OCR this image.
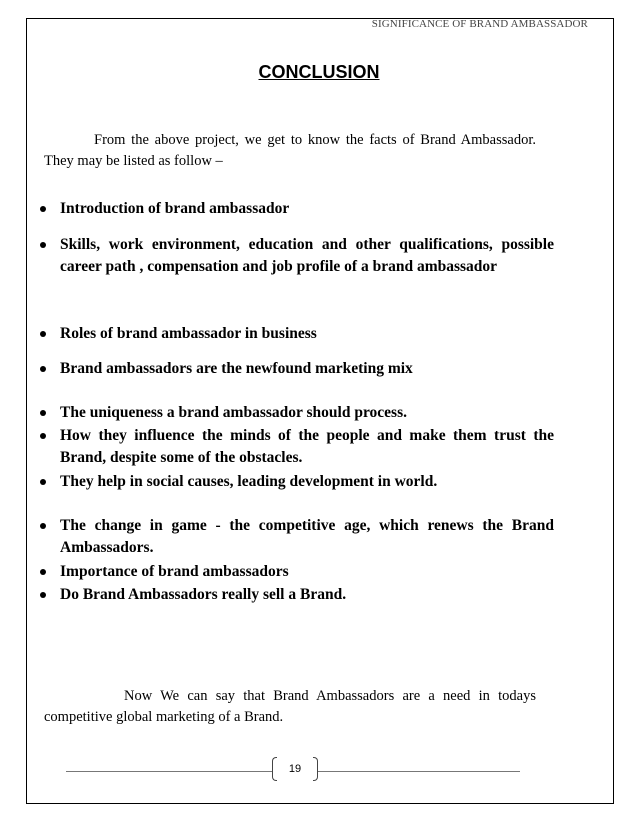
SIGNIFICANCE OF BRAND AMBASSADOR
CONCLUSION
From the above project, we get to know the facts of Brand Ambassador. They may be listed as follow –
Introduction of brand ambassador
Skills, work environment, education and other qualifications, possible career path , compensation and job profile of a brand ambassador
Roles of brand ambassador in business
Brand ambassadors are the newfound marketing mix
The uniqueness a brand ambassador should process.
How they influence the minds of the people and make them trust the Brand, despite some of the obstacles.
They help in social causes, leading development in world.
The change in game - the competitive age, which renews the Brand Ambassadors.
Importance of brand ambassadors
Do Brand Ambassadors really sell a Brand.
Now We can say that Brand Ambassadors are a need in todays competitive global marketing of a Brand.
19
